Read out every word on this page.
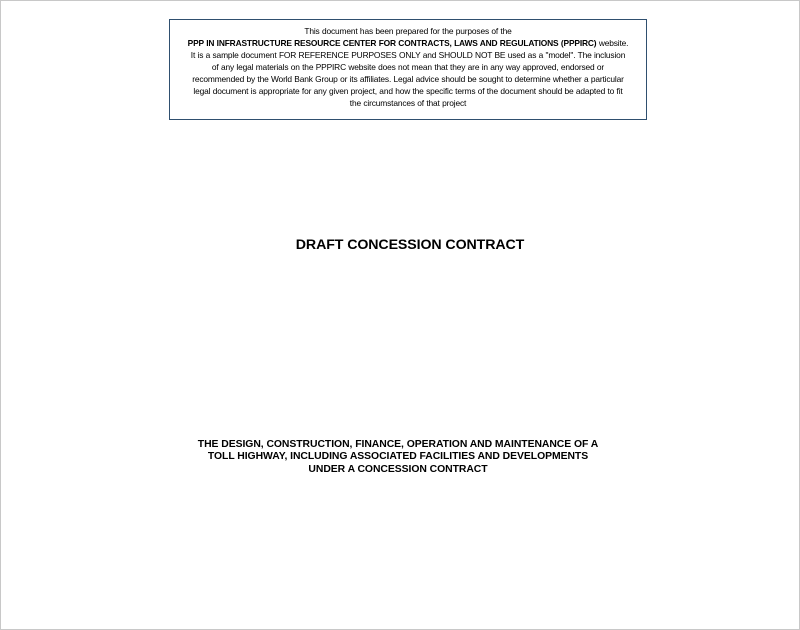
This document has been prepared for the purposes of the
PPP IN INFRASTRUCTURE RESOURCE CENTER FOR CONTRACTS, LAWS AND REGULATIONS (PPPIRC) website.
It is a sample document FOR REFERENCE PURPOSES ONLY and SHOULD NOT BE used as a "model". The inclusion
of any legal materials on the PPPIRC website does not mean that they are in any way approved, endorsed or
recommended by the World Bank Group or its affiliates. Legal advice should be sought to determine whether a particular
legal document is appropriate for any given project, and how the specific terms of the document should be adapted to fit
the circumstances of that project
DRAFT CONCESSION CONTRACT
THE DESIGN, CONSTRUCTION, FINANCE, OPERATION AND MAINTENANCE OF A
TOLL HIGHWAY, INCLUDING ASSOCIATED FACILITIES AND DEVELOPMENTS
UNDER A CONCESSION CONTRACT
